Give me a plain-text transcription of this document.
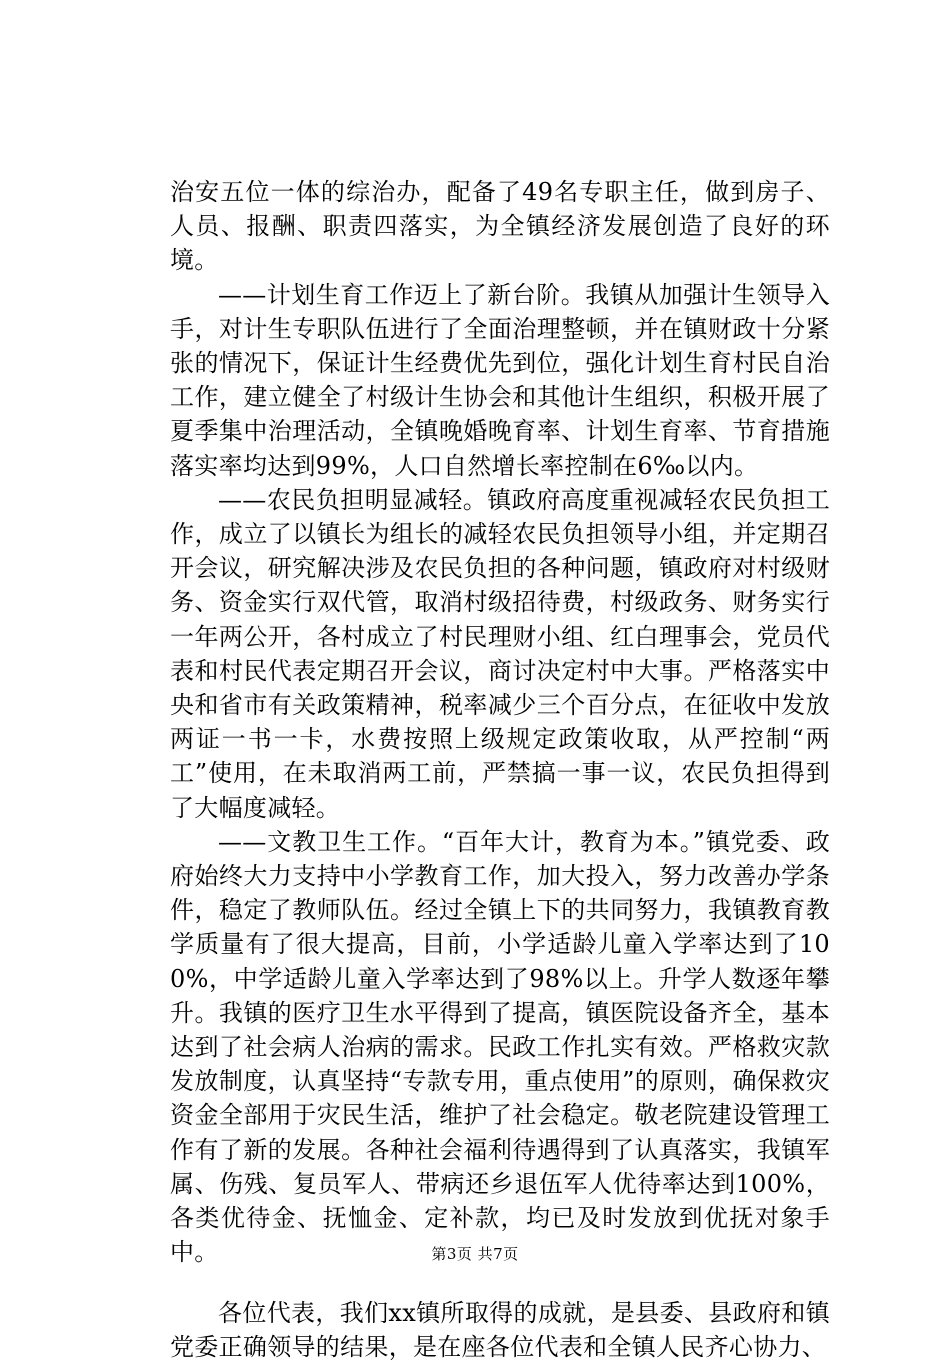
治安五位一体的综治办，配备了49名专职主任，做到房子、人员、报酬、职责四落实，为全镇经济发展创造了良好的环境。

——计划生育工作迈上了新台阶。我镇从加强计生领导入手，对计生专职队伍进行了全面治理整顿，并在镇财政十分紧张的情况下，保证计生经费优先到位，强化计划生育村民自治工作，建立健全了村级计生协会和其他计生组织，积极开展了夏季集中治理活动，全镇晚婚晚育率、计划生育率、节育措施落实率均达到99%，人口自然增长率控制在6‰以内。

——农民负担明显减轻。镇政府高度重视减轻农民负担工作，成立了以镇长为组长的减轻农民负担领导小组，并定期召开会议，研究解决涉及农民负担的各种问题，镇政府对村级财务、资金实行双代管，取消村级招待费，村级政务、财务实行一年两公开，各村成立了村民理财小组、红白理事会，党员代表和村民代表定期召开会议，商讨决定村中大事。严格落实中央和省市有关政策精神，税率减少三个百分点，在征收中发放两证一书一卡，水费按照上级规定政策收取，从严控制“两工”使用，在未取消两工前，严禁搞一事一议，农民负担得到了大幅度减轻。

——文教卫生工作。“百年大计，教育为本。”镇党委、政府始终大力支持中小学教育工作，加大投入，努力改善办学条件，稳定了教师队伍。经过全镇上下的共同努力，我镇教育教学质量有了很大提高，目前，小学适龄儿童入学率达到了100%，中学适龄儿童入学率达到了98%以上。升学人数逐年攀升。我镇的医疗卫生水平得到了提高，镇医院设备齐全，基本达到了社会病人治病的需求。民政工作扎实有效。严格救灾款发放制度，认真坚持“专款专用，重点使用”的原则，确保救灾资金全部用于灾民生活，维护了社会稳定。敬老院建设管理工作有了新的发展。各种社会福利待遇得到了认真落实，我镇军属、伤残、复员军人、带病还乡退伍军人优待率达到100%，各类优待金、抚恤金、定补款，均已及时发放到优抚对象手中。

各位代表，我们xx镇所取得的成就，是县委、县政府和镇党委正确领导的结果，是在座各位代表和全镇人民齐心协力、

第3页 共7页
